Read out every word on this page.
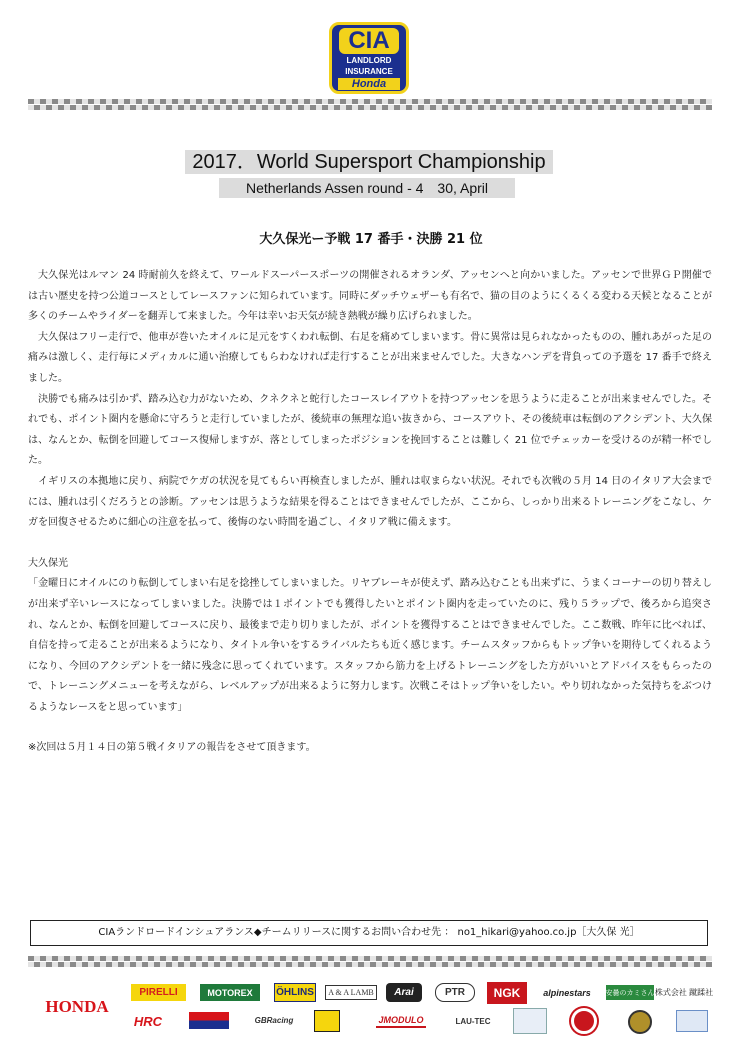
CIA
LANDLORD
INSURANCE
Honda
2017．World Supersport Championship
Netherlands Assen round - 4　30, April
大久保光ー予戦 17 番手・決勝 21 位

大久保光はルマン 24 時耐前久を終えて、ワールドスーパースポーツの開催されるオランダ、アッセンへと向かいました。アッセンで世界ＧＰ開催では古い歴史を持つ公道コースとしてレースファンに知られています。同時にダッチウェザーも有名で、猫の目のようにくるくる変わる天候となることが多くのチームやライダーを翻弄して来ました。今年は幸いお天気が続き熱戦が繰り広げられました。

大久保はフリー走行で、他車が巻いたオイルに足元をすくわれ転倒、右足を痛めてしまいます。骨に異常は見られなかったものの、腫れあがった足の痛みは激しく、走行毎にメディカルに通い治療してもらわなければ走行することが出来ませんでした。大きなハンデを背負っての予選を 17 番手で終えました。

決勝でも痛みは引かず、踏み込む力がないため、クネクネと蛇行したコースレイアウトを持つアッセンを思うように走ることが出来ませんでした。それでも、ポイント圏内を懸命に守ろうと走行していましたが、後続車の無理な追い抜きから、コースアウト、その後続車は転倒のアクシデント、大久保は、なんとか、転倒を回避してコース復帰しますが、落としてしまったポジションを挽回することは難しく 21 位でチェッカーを受けるのが精一杯でした。

イギリスの本拠地に戻り、病院でケガの状況を見てもらい再検査しましたが、腫れは収まらない状況。それでも次戦の５月 14 日のイタリア大会までには、腫れは引くだろうとの診断。アッセンは思うような結果を得ることはできませんでしたが、ここから、しっかり出来るトレーニングをこなし、ケガを回復させるために細心の注意を払って、後悔のない時間を過ごし、イタリア戦に備えます。

大久保光

「金曜日にオイルにのり転倒してしまい右足を捻挫してしまいました。リヤブレーキが使えず、踏み込むことも出来ずに、うまくコーナーの切り替えしが出来ず辛いレースになってしまいました。決勝では１ポイントでも獲得したいとポイント圏内を走っていたのに、残り５ラップで、後ろから追突され、なんとか、転倒を回避してコースに戻り、最後まで走り切りましたが、ポイントを獲得することはできませんでした。ここ数戦、昨年に比べれば、自信を持って走ることが出来るようになり、タイトル争いをするライバルたちも近く感じます。チームスタッフからもトップ争いを期待してくれるようになり、今回のアクシデントを一緒に残念に思ってくれています。スタッフから筋力を上げるトレーニングをした方がいいとアドバイスをもらったので、トレーニングメニューを考えながら、レベルアップが出来るように努力します。次戦こそはトップ争いをしたい。やり切れなかった気持ちをぶつけるようなレースをと思っています」

※次回は５月１４日の第５戦イタリアの報告をさせて頂きます。

CIAランドロードインシュアランス◆チームリリースに関するお問い合わせ先 ： no1_hikari@yahoo.co.jp［大久保 光］
HONDA
PIRELLI	MOTOREX	ÖHLINS	A & A LAMB	Arai	PTR	NGK	alpinestars	安曇のカミさん 株式会社 蹴蹂社
HRC	GBRacing	JMODULO	LAU-TEC
